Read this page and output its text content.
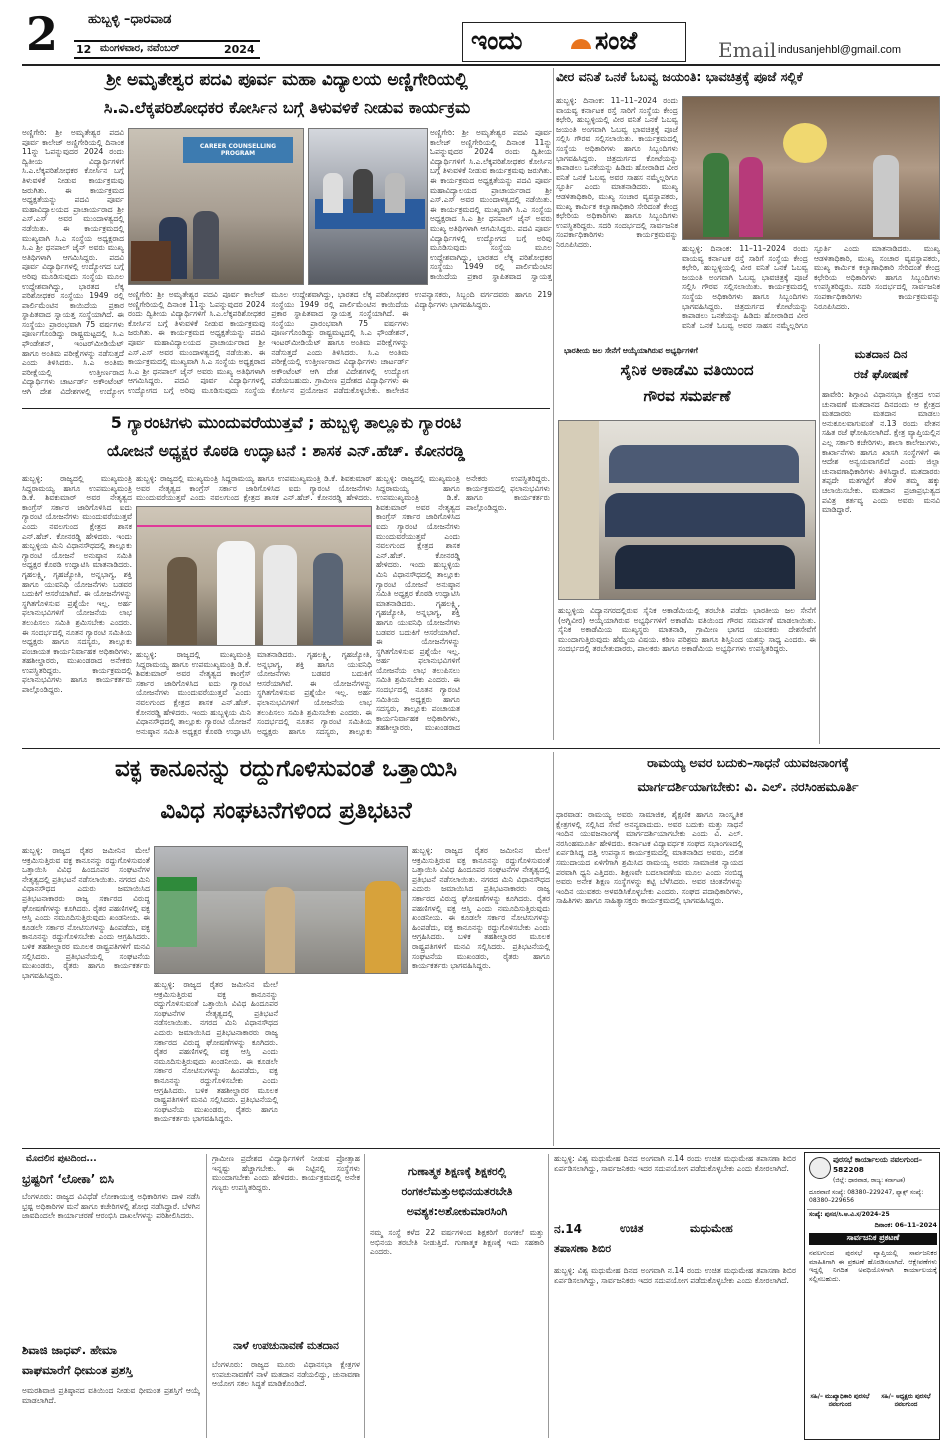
2	ಹುಬ್ಬಳ್ಳಿ –ಧಾರವಾಡ
12 ಮಂಗಳವಾರ, ನವೆಂಬರ್	2024	ಇಂದು	ಸಂಜೆ	Email indusanjehbl@gmail.com
ಶ್ರೀ ಅಮೃತೇಶ್ವರ ಪದವಿ ಪೂರ್ವ ಮಹಾ ವಿದ್ಯಾಲಯ ಅಣ್ಣಿಗೇರಿಯಲ್ಲಿ
ಸಿ.ಎ.ಲೆಕ್ಕಪರಿಶೋಧಕರ ಕೋರ್ಸಿನ ಬಗ್ಗೆ ತಿಳುವಳಿಕೆ ನೀಡುವ ಕಾರ್ಯಕ್ರಮ
CAREER COUNSELLING PROGRAM
ಅಣ್ಣಿಗೇರಿ: ಶ್ರೀ ಅಮೃತೇಶ್ವರ ಪದವಿ ಪೂರ್ವ ಕಾಲೇಜ್ ಅಣ್ಣಿಗೇರಿಯಲ್ಲಿ ದಿನಾಂಕ 11ನ್ನು ಓಪನ್ನುವುದರ 2024 ರಂದು ದ್ವಿತೀಯ ವಿದ್ಯಾರ್ಥಿಗಳಿಗೆ ಸಿ.ಎ.ಲೆಕ್ಕಪರಿಶೋಧಕರ ಕೋರ್ಸಿನ ಬಗ್ಗೆ ತಿಳುವಳಿಕೆ ನೀಡುವ ಕಾರ್ಯಕ್ರಮವು ಜರುಗಿತು. ಈ ಕಾರ್ಯಕ್ರಮದ ಅಧ್ಯಕ್ಷತೆಯನ್ನು ಪದವಿ ಪೂರ್ವ ಮಹಾವಿದ್ಯಾಲಯದ ಪ್ರಾಚಾರ್ಯರಾದ ಶ್ರೀ ಎಸ್.ಎಸ್ ಅವರ ಮುಂದಾಳತ್ವದಲ್ಲಿ ನಡೆಯಿತು. ಈ ಕಾರ್ಯಕ್ರಮದಲ್ಲಿ ಮುಖ್ಯವಾಗಿ ಸಿ.ಎ ಸಂಸ್ಥೆಯ ಅಧ್ಯಕ್ಷರಾದ ಸಿ.ಎ ಶ್ರೀ ಧನಪಾಲ್ ಜೈನ್ ಅವರು ಮುಖ್ಯ ಅತಿಥಿಗಳಾಗಿ ಆಗಮಿಸಿದ್ದರು. ಪದವಿ ಪೂರ್ವ ವಿದ್ಯಾರ್ಥಿಗಳಲ್ಲಿ ಉದ್ಯೋಗದ ಬಗ್ಗೆ ಅರಿವು ಮೂಡಿಸುವುದು ಸಂಸ್ಥೆಯ ಮೂಲ ಉದ್ದೇಶವಾಗಿದ್ದು, ಭಾರತದ ಲೆಕ್ಕ ಪರಿಶೋಧಕರ ಸಂಸ್ಥೆಯು 1949 ರಲ್ಲಿ ಪಾರ್ಲಿಮೆಂಟಿನ ಕಾಯಿದೆಯ ಪ್ರಕಾರ ಸ್ಥಾಪಿತವಾದ ಸ್ವಾಯತ್ತ ಸಂಸ್ಥೆಯಾಗಿದೆ. ಈ ಸಂಸ್ಥೆಯು ಪ್ರಾರಂಭವಾಗಿ 75 ವರ್ಷಗಳು ಪೂರ್ಣಗೊಂಡಿದ್ದು ರಾಷ್ಟ್ರಮಟ್ಟದಲ್ಲಿ ಸಿ.ಎ ಫೌಂಡೇಶನ್, ಇಂಟರ್‌ಮೀಡಿಯೆಟ್ ಹಾಗೂ ಅಂತಿಮ ಪರೀಕ್ಷೆಗಳನ್ನು ನಡೆಸುತ್ತದೆ ಎಂದು ತಿಳಿಸಿದರು. ಸಿ.ಎ ಅಂತಿಮ ಪರೀಕ್ಷೆಯಲ್ಲಿ ಉತ್ತೀರ್ಣರಾದ ವಿದ್ಯಾರ್ಥಿಗಳು ಚಾರ್ಟರ್ಡ್ ಅಕೌಂಟೆಂಟ್ ಆಗಿ ದೇಶ ವಿದೇಶಗಳಲ್ಲಿ ಉದ್ಯೋಗ
ಅಣ್ಣಿಗೇರಿ: ಶ್ರೀ ಅಮೃತೇಶ್ವರ ಪದವಿ ಪೂರ್ವ ಕಾಲೇಜ್ ಅಣ್ಣಿಗೇರಿಯಲ್ಲಿ ದಿನಾಂಕ 11ನ್ನು ಓಪನ್ನುವುದರ 2024 ರಂದು ದ್ವಿತೀಯ ವಿದ್ಯಾರ್ಥಿಗಳಿಗೆ ಸಿ.ಎ.ಲೆಕ್ಕಪರಿಶೋಧಕರ ಕೋರ್ಸಿನ ಬಗ್ಗೆ ತಿಳುವಳಿಕೆ ನೀಡುವ ಕಾರ್ಯಕ್ರಮವು ಜರುಗಿತು. ಈ ಕಾರ್ಯಕ್ರಮದ ಅಧ್ಯಕ್ಷತೆಯನ್ನು ಪದವಿ ಪೂರ್ವ ಮಹಾವಿದ್ಯಾಲಯದ ಪ್ರಾಚಾರ್ಯರಾದ ಶ್ರೀ ಎಸ್.ಎಸ್ ಅವರ ಮುಂದಾಳತ್ವದಲ್ಲಿ ನಡೆಯಿತು. ಈ ಕಾರ್ಯಕ್ರಮದಲ್ಲಿ ಮುಖ್ಯವಾಗಿ ಸಿ.ಎ ಸಂಸ್ಥೆಯ ಅಧ್ಯಕ್ಷರಾದ ಸಿ.ಎ ಶ್ರೀ ಧನಪಾಲ್ ಜೈನ್ ಅವರು ಮುಖ್ಯ ಅತಿಥಿಗಳಾಗಿ ಆಗಮಿಸಿದ್ದರು. ಪದವಿ ಪೂರ್ವ ವಿದ್ಯಾರ್ಥಿಗಳಲ್ಲಿ ಉದ್ಯೋಗದ ಬಗ್ಗೆ ಅರಿವು ಮೂಡಿಸುವುದು ಸಂಸ್ಥೆಯ ಮೂಲ ಉದ್ದೇಶವಾಗಿದ್ದು, ಭಾರತದ ಲೆಕ್ಕ ಪರಿಶೋಧಕರ ಸಂಸ್ಥೆಯು 1949 ರಲ್ಲಿ ಪಾರ್ಲಿಮೆಂಟಿನ ಕಾಯಿದೆಯ ಪ್ರಕಾರ ಸ್ಥಾಪಿತವಾದ ಸ್ವಾಯತ್ತ
ಅಣ್ಣಿಗೇರಿ: ಶ್ರೀ ಅಮೃತೇಶ್ವರ ಪದವಿ ಪೂರ್ವ ಕಾಲೇಜ್ ಅಣ್ಣಿಗೇರಿಯಲ್ಲಿ ದಿನಾಂಕ 11ನ್ನು ಓಪನ್ನುವುದರ 2024 ರಂದು ದ್ವಿತೀಯ ವಿದ್ಯಾರ್ಥಿಗಳಿಗೆ ಸಿ.ಎ.ಲೆಕ್ಕಪರಿಶೋಧಕರ ಕೋರ್ಸಿನ ಬಗ್ಗೆ ತಿಳುವಳಿಕೆ ನೀಡುವ ಕಾರ್ಯಕ್ರಮವು ಜರುಗಿತು. ಈ ಕಾರ್ಯಕ್ರಮದ ಅಧ್ಯಕ್ಷತೆಯನ್ನು ಪದವಿ ಪೂರ್ವ ಮಹಾವಿದ್ಯಾಲಯದ ಪ್ರಾಚಾರ್ಯರಾದ ಶ್ರೀ ಎಸ್.ಎಸ್ ಅವರ ಮುಂದಾಳತ್ವದಲ್ಲಿ ನಡೆಯಿತು. ಈ ಕಾರ್ಯಕ್ರಮದಲ್ಲಿ ಮುಖ್ಯವಾಗಿ ಸಿ.ಎ ಸಂಸ್ಥೆಯ ಅಧ್ಯಕ್ಷರಾದ ಸಿ.ಎ ಶ್ರೀ ಧನಪಾಲ್ ಜೈನ್ ಅವರು ಮುಖ್ಯ ಅತಿಥಿಗಳಾಗಿ ಆಗಮಿಸಿದ್ದರು. ಪದವಿ ಪೂರ್ವ ವಿದ್ಯಾರ್ಥಿಗಳಲ್ಲಿ ಉದ್ಯೋಗದ ಬಗ್ಗೆ ಅರಿವು ಮೂಡಿಸುವುದು ಸಂಸ್ಥೆಯ ಮೂಲ ಉದ್ದೇಶವಾಗಿದ್ದು, ಭಾರತದ ಲೆಕ್ಕ ಪರಿಶೋಧಕರ ಸಂಸ್ಥೆಯು 1949 ರಲ್ಲಿ ಪಾರ್ಲಿಮೆಂಟಿನ ಕಾಯಿದೆಯ ಪ್ರಕಾರ ಸ್ಥಾಪಿತವಾದ ಸ್ವಾಯತ್ತ ಸಂಸ್ಥೆಯಾಗಿದೆ. ಈ ಸಂಸ್ಥೆಯು ಪ್ರಾರಂಭವಾಗಿ 75 ವರ್ಷಗಳು ಪೂರ್ಣಗೊಂಡಿದ್ದು ರಾಷ್ಟ್ರಮಟ್ಟದಲ್ಲಿ ಸಿ.ಎ ಫೌಂಡೇಶನ್, ಇಂಟರ್‌ಮೀಡಿಯೆಟ್ ಹಾಗೂ ಅಂತಿಮ ಪರೀಕ್ಷೆಗಳನ್ನು ನಡೆಸುತ್ತದೆ ಎಂದು ತಿಳಿಸಿದರು. ಸಿ.ಎ ಅಂತಿಮ ಪರೀಕ್ಷೆಯಲ್ಲಿ ಉತ್ತೀರ್ಣರಾದ ವಿದ್ಯಾರ್ಥಿಗಳು ಚಾರ್ಟರ್ಡ್ ಅಕೌಂಟೆಂಟ್ ಆಗಿ ದೇಶ ವಿದೇಶಗಳಲ್ಲಿ ಉದ್ಯೋಗ ಪಡೆಯಬಹುದು. ಗ್ರಾಮೀಣ ಪ್ರದೇಶದ ವಿದ್ಯಾರ್ಥಿಗಳು ಈ ಕೋರ್ಸಿನ ಪ್ರಯೋಜನ ಪಡೆದುಕೊಳ್ಳಬೇಕು. ಕಾಲೇಜಿನ ಉಪನ್ಯಾಸಕರು, ಸಿಬ್ಬಂದಿ ವರ್ಗದವರು ಹಾಗೂ 219 ವಿದ್ಯಾರ್ಥಿಗಳು ಭಾಗವಹಿಸಿದ್ದರು.
ವೀರ ವನಿತೆ ಒನಕೆ ಓಬವ್ವ ಜಯಂತಿ: ಭಾವಚಿತ್ರಕ್ಕೆ ಪೂಜೆ ಸಲ್ಲಿಕೆ
ಹುಬ್ಬಳ್ಳಿ: ದಿನಾಂಕ: 11–11–2024 ರಂದು ವಾಯವ್ಯ ಕರ್ನಾಟಕ ರಸ್ತೆ ಸಾರಿಗೆ ಸಂಸ್ಥೆಯ ಕೇಂದ್ರ ಕಛೇರಿ, ಹುಬ್ಬಳ್ಳಿಯಲ್ಲಿ ವೀರ ವನಿತೆ ಒನಕೆ ಓಬವ್ವ ಜಯಂತಿ ಅಂಗವಾಗಿ ಓಬವ್ವ ಭಾವಚಿತ್ರಕ್ಕೆ ಪೂಜೆ ಸಲ್ಲಿಸಿ ಗೌರವ ಸಲ್ಲಿಸಲಾಯಿತು. ಕಾರ್ಯಕ್ರಮದಲ್ಲಿ ಸಂಸ್ಥೆಯ ಅಧಿಕಾರಿಗಳು ಹಾಗೂ ಸಿಬ್ಬಂದಿಗಳು ಭಾಗವಹಿಸಿದ್ದರು. ಚಿತ್ರದುರ್ಗದ ಕೋಟೆಯನ್ನು ಕಾಪಾಡಲು ಒನಕೆಯನ್ನು ಹಿಡಿದು ಹೋರಾಡಿದ ವೀರ ವನಿತೆ ಒನಕೆ ಓಬವ್ವ ಅವರ ಸಾಹಸ ನಮ್ಮೆಲ್ಲರಿಗೂ ಸ್ಫೂರ್ತಿ ಎಂದು ಮಾತನಾಡಿದರು. ಮುಖ್ಯ ಆಡಳಿತಾಧಿಕಾರಿ, ಮುಖ್ಯ ಸಂಚಾರ ವ್ಯವಸ್ಥಾಪಕರು, ಮುಖ್ಯ ಕಾರ್ಮಿಕ ಕಲ್ಯಾಣಾಧಿಕಾರಿ ಸೇರಿದಂತೆ ಕೇಂದ್ರ ಕಛೇರಿಯ ಅಧಿಕಾರಿಗಳು ಹಾಗೂ ಸಿಬ್ಬಂದಿಗಳು ಉಪಸ್ಥಿತರಿದ್ದರು. ಸದರಿ ಸಂದರ್ಭದಲ್ಲಿ ಸಾರ್ವಜನಿಕ ಸಂಪರ್ಕಾಧಿಕಾರಿಗಳು ಕಾರ್ಯಕ್ರಮವನ್ನು ನಿರೂಪಿಸಿದರು.	ಹುಬ್ಬಳ್ಳಿ: ದಿನಾಂಕ: 11–11–2024 ರಂದು ವಾಯವ್ಯ ಕರ್ನಾಟಕ ರಸ್ತೆ ಸಾರಿಗೆ ಸಂಸ್ಥೆಯ ಕೇಂದ್ರ ಕಛೇರಿ, ಹುಬ್ಬಳ್ಳಿಯಲ್ಲಿ ವೀರ ವನಿತೆ ಒನಕೆ ಓಬವ್ವ ಜಯಂತಿ ಅಂಗವಾಗಿ ಓಬವ್ವ ಭಾವಚಿತ್ರಕ್ಕೆ ಪೂಜೆ ಸಲ್ಲಿಸಿ ಗೌರವ ಸಲ್ಲಿಸಲಾಯಿತು. ಕಾರ್ಯಕ್ರಮದಲ್ಲಿ ಸಂಸ್ಥೆಯ ಅಧಿಕಾರಿಗಳು ಹಾಗೂ ಸಿಬ್ಬಂದಿಗಳು ಭಾಗವಹಿಸಿದ್ದರು. ಚಿತ್ರದುರ್ಗದ ಕೋಟೆಯನ್ನು ಕಾಪಾಡಲು ಒನಕೆಯನ್ನು ಹಿಡಿದು ಹೋರಾಡಿದ ವೀರ ವನಿತೆ ಒನಕೆ ಓಬವ್ವ ಅವರ ಸಾಹಸ ನಮ್ಮೆಲ್ಲರಿಗೂ ಸ್ಫೂರ್ತಿ ಎಂದು ಮಾತನಾಡಿದರು. ಮುಖ್ಯ ಆಡಳಿತಾಧಿಕಾರಿ, ಮುಖ್ಯ ಸಂಚಾರ ವ್ಯವಸ್ಥಾಪಕರು, ಮುಖ್ಯ ಕಾರ್ಮಿಕ ಕಲ್ಯಾಣಾಧಿಕಾರಿ ಸೇರಿದಂತೆ ಕೇಂದ್ರ ಕಛೇರಿಯ ಅಧಿಕಾರಿಗಳು ಹಾಗೂ ಸಿಬ್ಬಂದಿಗಳು ಉಪಸ್ಥಿತರಿದ್ದರು. ಸದರಿ ಸಂದರ್ಭದಲ್ಲಿ ಸಾರ್ವಜನಿಕ ಸಂಪರ್ಕಾಧಿಕಾರಿಗಳು ಕಾರ್ಯಕ್ರಮವನ್ನು ನಿರೂಪಿಸಿದರು.
ಭಾರತೀಯ ಜಲ ಸೇನೆಗೆ ಆಯ್ಕೆಯಾಗಿರುವ ಅಭ್ಯರ್ಥಿಗಳಿಗೆ
ಸೈನಿಕ ಅಕಾಡೆಮಿ ವತಿಯಿಂದ
ಗೌರವ ಸಮರ್ಪಣೆ
ಹುಬ್ಬಳ್ಳಿಯ ವಿದ್ಯಾನಗರದಲ್ಲಿರುವ ಸೈನಿಕ ಅಕಾಡೆಮಿಯಲ್ಲಿ ತರಬೇತಿ ಪಡೆದು ಭಾರತೀಯ ಜಲ ಸೇನೆಗೆ (ಅಗ್ನಿವೀರ) ಆಯ್ಕೆಯಾಗಿರುವ ಅಭ್ಯರ್ಥಿಗಳಿಗೆ ಅಕಾಡೆಮಿ ವತಿಯಿಂದ ಗೌರವ ಸಮರ್ಪಣೆ ಮಾಡಲಾಯಿತು. ಸೈನಿಕ ಅಕಾಡೆಮಿಯ ಮುಖ್ಯಸ್ಥರು ಮಾತನಾಡಿ, ಗ್ರಾಮೀಣ ಭಾಗದ ಯುವಕರು ದೇಶಸೇವೆಗೆ ಮುಂದಾಗುತ್ತಿರುವುದು ಹೆಮ್ಮೆಯ ವಿಷಯ. ಕಠಿಣ ಪರಿಶ್ರಮ ಹಾಗೂ ಶಿಸ್ತಿನಿಂದ ಯಶಸ್ಸು ಸಾಧ್ಯ ಎಂದರು. ಈ ಸಂದರ್ಭದಲ್ಲಿ ತರಬೇತುದಾರರು, ಪಾಲಕರು ಹಾಗೂ ಅಕಾಡೆಮಿಯ ಅಭ್ಯರ್ಥಿಗಳು ಉಪಸ್ಥಿತರಿದ್ದರು.
ಮತದಾನ ದಿನ
ರಜೆ ಘೋಷಣೆ
ಹಾವೇರಿ: ಶಿಗ್ಗಾಂವಿ ವಿಧಾನಸಭಾ ಕ್ಷೇತ್ರದ ಉಪ ಚುನಾವಣೆ ಮತದಾನದ ದಿನದಂದು ಆ ಕ್ಷೇತ್ರದ ಮತದಾರರು ಮತದಾನ ಮಾಡಲು ಅನುಕೂಲವಾಗುವಂತೆ ನ.13 ರಂದು ವೇತನ ಸಹಿತ ರಜೆ ಘೋಷಿಸಲಾಗಿದೆ. ಕ್ಷೇತ್ರ ವ್ಯಾಪ್ತಿಯಲ್ಲಿನ ಎಲ್ಲ ಸರ್ಕಾರಿ ಕಚೇರಿಗಳು, ಶಾಲಾ ಕಾಲೇಜುಗಳು, ಕಾರ್ಖಾನೆಗಳು ಹಾಗೂ ಖಾಸಗಿ ಸಂಸ್ಥೆಗಳಿಗೆ ಈ ಆದೇಶ ಅನ್ವಯವಾಗಲಿದೆ ಎಂದು ಜಿಲ್ಲಾ ಚುನಾವಣಾಧಿಕಾರಿಗಳು ತಿಳಿಸಿದ್ದಾರೆ. ಮತದಾರರು ತಪ್ಪದೇ ಮತಗಟ್ಟೆಗೆ ತೆರಳಿ ತಮ್ಮ ಹಕ್ಕು ಚಲಾಯಿಸಬೇಕು. ಮತದಾನ ಪ್ರಜಾಪ್ರಭುತ್ವದ ಪವಿತ್ರ ಕರ್ತವ್ಯ ಎಂದು ಅವರು ಮನವಿ ಮಾಡಿದ್ದಾರೆ.
5 ಗ್ಯಾರಂಟಿಗಳು ಮುಂದುವರೆಯುತ್ತವೆ ; ಹುಬ್ಬಳ್ಳಿ ತಾಲ್ಲೂಕು ಗ್ಯಾರಂಟಿ
ಯೋಜನೆ ಅಧ್ಯಕ್ಷರ ಕೊಠಡಿ ಉದ್ಘಾಟನೆ : ಶಾಸಕ ಎನ್.ಹೆಚ್. ಕೋನರಡ್ಡಿ
ಹುಬ್ಬಳ್ಳಿ: ರಾಜ್ಯದಲ್ಲಿ ಮುಖ್ಯಮಂತ್ರಿ ಸಿದ್ದರಾಮಯ್ಯ ಹಾಗೂ ಉಪಮುಖ್ಯಮಂತ್ರಿ ಡಿ.ಕೆ. ಶಿವಕುಮಾರ್ ಅವರ ನೇತೃತ್ವದ ಕಾಂಗ್ರೆಸ್ ಸರ್ಕಾರ ಜಾರಿಗೊಳಿಸಿದ ಐದು ಗ್ಯಾರಂಟಿ ಯೋಜನೆಗಳು ಮುಂದುವರೆಯುತ್ತವೆ ಎಂದು ನವಲಗುಂದ ಕ್ಷೇತ್ರದ ಶಾಸಕ ಎನ್.ಹೆಚ್. ಕೋನರಡ್ಡಿ ಹೇಳಿದರು. ಇಂದು ಹುಬ್ಬಳ್ಳಿಯ ಮಿನಿ ವಿಧಾನಸೌಧದಲ್ಲಿ ತಾಲ್ಲೂಕು ಗ್ಯಾರಂಟಿ ಯೋಜನೆ ಅನುಷ್ಠಾನ ಸಮಿತಿ ಅಧ್ಯಕ್ಷರ ಕೊಠಡಿ ಉದ್ಘಾಟಿಸಿ ಮಾತನಾಡಿದರು. ಗೃಹಲಕ್ಷ್ಮಿ, ಗೃಹಜ್ಯೋತಿ, ಅನ್ನಭಾಗ್ಯ, ಶಕ್ತಿ ಹಾಗೂ ಯುವನಿಧಿ ಯೋಜನೆಗಳು ಬಡವರ ಬದುಕಿಗೆ ಆಸರೆಯಾಗಿವೆ. ಈ ಯೋಜನೆಗಳನ್ನು ಸ್ಥಗಿತಗೊಳಿಸುವ ಪ್ರಶ್ನೆಯೇ ಇಲ್ಲ. ಅರ್ಹ ಫಲಾನುಭವಿಗಳಿಗೆ ಯೋಜನೆಯ ಲಾಭ ತಲುಪಿಸಲು ಸಮಿತಿ ಶ್ರಮಿಸಬೇಕು ಎಂದರು. ಈ ಸಂದರ್ಭದಲ್ಲಿ ನೂತನ ಗ್ಯಾರಂಟಿ ಸಮಿತಿಯ ಅಧ್ಯಕ್ಷರು ಹಾಗೂ ಸದಸ್ಯರು, ತಾಲ್ಲೂಕು ಪಂಚಾಯತ ಕಾರ್ಯನಿರ್ವಾಹಕ ಅಧಿಕಾರಿಗಳು, ತಹಶೀಲ್ದಾರರು, ಮುಖಂಡರಾದ ಅನೇಕರು ಉಪಸ್ಥಿತರಿದ್ದರು. ಕಾರ್ಯಕ್ರಮದಲ್ಲಿ ಫಲಾನುಭವಿಗಳು ಹಾಗೂ ಕಾರ್ಯಕರ್ತರು ಪಾಲ್ಗೊಂಡಿದ್ದರು.
ಹುಬ್ಬಳ್ಳಿ: ರಾಜ್ಯದಲ್ಲಿ ಮುಖ್ಯಮಂತ್ರಿ ಸಿದ್ದರಾಮಯ್ಯ ಹಾಗೂ ಉಪಮುಖ್ಯಮಂತ್ರಿ ಡಿ.ಕೆ. ಶಿವಕುಮಾರ್ ಅವರ ನೇತೃತ್ವದ ಕಾಂಗ್ರೆಸ್ ಸರ್ಕಾರ ಜಾರಿಗೊಳಿಸಿದ ಐದು ಗ್ಯಾರಂಟಿ ಯೋಜನೆಗಳು ಮುಂದುವರೆಯುತ್ತವೆ ಎಂದು ನವಲಗುಂದ ಕ್ಷೇತ್ರದ ಶಾಸಕ ಎನ್.ಹೆಚ್. ಕೋನರಡ್ಡಿ ಹೇಳಿದರು.
ಹುಬ್ಬಳ್ಳಿ: ರಾಜ್ಯದಲ್ಲಿ ಮುಖ್ಯಮಂತ್ರಿ ಸಿದ್ದರಾಮಯ್ಯ ಹಾಗೂ ಉಪಮುಖ್ಯಮಂತ್ರಿ ಡಿ.ಕೆ. ಶಿವಕುಮಾರ್ ಅವರ ನೇತೃತ್ವದ ಕಾಂಗ್ರೆಸ್ ಸರ್ಕಾರ ಜಾರಿಗೊಳಿಸಿದ ಐದು ಗ್ಯಾರಂಟಿ ಯೋಜನೆಗಳು ಮುಂದುವರೆಯುತ್ತವೆ ಎಂದು ನವಲಗುಂದ ಕ್ಷೇತ್ರದ ಶಾಸಕ ಎನ್.ಹೆಚ್. ಕೋನರಡ್ಡಿ ಹೇಳಿದರು. ಇಂದು ಹುಬ್ಬಳ್ಳಿಯ ಮಿನಿ ವಿಧಾನಸೌಧದಲ್ಲಿ ತಾಲ್ಲೂಕು ಗ್ಯಾರಂಟಿ ಯೋಜನೆ ಅನುಷ್ಠಾನ ಸಮಿತಿ ಅಧ್ಯಕ್ಷರ ಕೊಠಡಿ ಉದ್ಘಾಟಿಸಿ ಮಾತನಾಡಿದರು. ಗೃಹಲಕ್ಷ್ಮಿ, ಗೃಹಜ್ಯೋತಿ, ಅನ್ನಭಾಗ್ಯ, ಶಕ್ತಿ ಹಾಗೂ ಯುವನಿಧಿ ಯೋಜನೆಗಳು ಬಡವರ ಬದುಕಿಗೆ ಆಸರೆಯಾಗಿವೆ. ಈ ಯೋಜನೆಗಳನ್ನು ಸ್ಥಗಿತಗೊಳಿಸುವ ಪ್ರಶ್ನೆಯೇ ಇಲ್ಲ. ಅರ್ಹ ಫಲಾನುಭವಿಗಳಿಗೆ ಯೋಜನೆಯ ಲಾಭ ತಲುಪಿಸಲು ಸಮಿತಿ ಶ್ರಮಿಸಬೇಕು ಎಂದರು. ಈ ಸಂದರ್ಭದಲ್ಲಿ ನೂತನ ಗ್ಯಾರಂಟಿ ಸಮಿತಿಯ ಅಧ್ಯಕ್ಷರು ಹಾಗೂ ಸದಸ್ಯರು, ತಾಲ್ಲೂಕು
ಹುಬ್ಬಳ್ಳಿ: ರಾಜ್ಯದಲ್ಲಿ ಮುಖ್ಯಮಂತ್ರಿ ಸಿದ್ದರಾಮಯ್ಯ ಹಾಗೂ ಉಪಮುಖ್ಯಮಂತ್ರಿ ಡಿ.ಕೆ. ಶಿವಕುಮಾರ್ ಅವರ ನೇತೃತ್ವದ ಕಾಂಗ್ರೆಸ್ ಸರ್ಕಾರ ಜಾರಿಗೊಳಿಸಿದ ಐದು ಗ್ಯಾರಂಟಿ ಯೋಜನೆಗಳು ಮುಂದುವರೆಯುತ್ತವೆ ಎಂದು ನವಲಗುಂದ ಕ್ಷೇತ್ರದ ಶಾಸಕ ಎನ್.ಹೆಚ್. ಕೋನರಡ್ಡಿ ಹೇಳಿದರು. ಇಂದು ಹುಬ್ಬಳ್ಳಿಯ ಮಿನಿ ವಿಧಾನಸೌಧದಲ್ಲಿ ತಾಲ್ಲೂಕು ಗ್ಯಾರಂಟಿ ಯೋಜನೆ ಅನುಷ್ಠಾನ ಸಮಿತಿ ಅಧ್ಯಕ್ಷರ ಕೊಠಡಿ ಉದ್ಘಾಟಿಸಿ ಮಾತನಾಡಿದರು. ಗೃಹಲಕ್ಷ್ಮಿ, ಗೃಹಜ್ಯೋತಿ, ಅನ್ನಭಾಗ್ಯ, ಶಕ್ತಿ ಹಾಗೂ ಯುವನಿಧಿ ಯೋಜನೆಗಳು ಬಡವರ ಬದುಕಿಗೆ ಆಸರೆಯಾಗಿವೆ. ಈ ಯೋಜನೆಗಳನ್ನು ಸ್ಥಗಿತಗೊಳಿಸುವ ಪ್ರಶ್ನೆಯೇ ಇಲ್ಲ. ಅರ್ಹ ಫಲಾನುಭವಿಗಳಿಗೆ ಯೋಜನೆಯ ಲಾಭ ತಲುಪಿಸಲು ಸಮಿತಿ ಶ್ರಮಿಸಬೇಕು ಎಂದರು. ಈ ಸಂದರ್ಭದಲ್ಲಿ ನೂತನ ಗ್ಯಾರಂಟಿ ಸಮಿತಿಯ ಅಧ್ಯಕ್ಷರು ಹಾಗೂ ಸದಸ್ಯರು, ತಾಲ್ಲೂಕು ಪಂಚಾಯತ ಕಾರ್ಯನಿರ್ವಾಹಕ ಅಧಿಕಾರಿಗಳು, ತಹಶೀಲ್ದಾರರು, ಮುಖಂಡರಾದ ಅನೇಕರು ಉಪಸ್ಥಿತರಿದ್ದರು. ಕಾರ್ಯಕ್ರಮದಲ್ಲಿ ಫಲಾನುಭವಿಗಳು ಹಾಗೂ ಕಾರ್ಯಕರ್ತರು ಪಾಲ್ಗೊಂಡಿದ್ದರು.
ವಕ್ಫ ಕಾನೂನನ್ನು ರದ್ದುಗೊಳಿಸುವಂತೆ ಒತ್ತಾಯಿಸಿ
ವಿವಿಧ ಸಂಘಟನೆಗಳಿಂದ ಪ್ರತಿಭಟನೆ
ಹುಬ್ಬಳ್ಳಿ: ರಾಜ್ಯದ ರೈತರ ಜಮೀನಿನ ಮೇಲೆ ಆಕ್ರಮಿಸುತ್ತಿರುವ ವಕ್ಫ ಕಾನೂನನ್ನು ರದ್ದುಗೊಳಿಸುವಂತೆ ಒತ್ತಾಯಿಸಿ ವಿವಿಧ ಹಿಂದೂಪರ ಸಂಘಟನೆಗಳ ನೇತೃತ್ವದಲ್ಲಿ ಪ್ರತಿಭಟನೆ ನಡೆಸಲಾಯಿತು. ನಗರದ ಮಿನಿ ವಿಧಾನಸೌಧದ ಎದುರು ಜಮಾಯಿಸಿದ ಪ್ರತಿಭಟನಾಕಾರರು ರಾಜ್ಯ ಸರ್ಕಾರದ ವಿರುದ್ಧ ಘೋಷಣೆಗಳನ್ನು ಕೂಗಿದರು. ರೈತರ ಪಹಣಿಗಳಲ್ಲಿ ವಕ್ಫ ಆಸ್ತಿ ಎಂದು ನಮೂದಿಸುತ್ತಿರುವುದು ಖಂಡನೀಯ. ಈ ಕೂಡಲೇ ಸರ್ಕಾರ ನೋಟಿಸುಗಳನ್ನು ಹಿಂಪಡೆದು, ವಕ್ಫ ಕಾನೂನನ್ನು ರದ್ದುಗೊಳಿಸಬೇಕು ಎಂದು ಆಗ್ರಹಿಸಿದರು. ಬಳಿಕ ತಹಶೀಲ್ದಾರರ ಮೂಲಕ ರಾಷ್ಟ್ರಪತಿಗಳಿಗೆ ಮನವಿ ಸಲ್ಲಿಸಿದರು. ಪ್ರತಿಭಟನೆಯಲ್ಲಿ ಸಂಘಟನೆಯ ಮುಖಂಡರು, ರೈತರು ಹಾಗೂ ಕಾರ್ಯಕರ್ತರು ಭಾಗವಹಿಸಿದ್ದರು.
ಹುಬ್ಬಳ್ಳಿ: ರಾಜ್ಯದ ರೈತರ ಜಮೀನಿನ ಮೇಲೆ ಆಕ್ರಮಿಸುತ್ತಿರುವ ವಕ್ಫ ಕಾನೂನನ್ನು ರದ್ದುಗೊಳಿಸುವಂತೆ ಒತ್ತಾಯಿಸಿ ವಿವಿಧ ಹಿಂದೂಪರ ಸಂಘಟನೆಗಳ ನೇತೃತ್ವದಲ್ಲಿ ಪ್ರತಿಭಟನೆ ನಡೆಸಲಾಯಿತು. ನಗರದ ಮಿನಿ ವಿಧಾನಸೌಧದ ಎದುರು ಜಮಾಯಿಸಿದ ಪ್ರತಿಭಟನಾಕಾರರು ರಾಜ್ಯ ಸರ್ಕಾರದ ವಿರುದ್ಧ ಘೋಷಣೆಗಳನ್ನು ಕೂಗಿದರು. ರೈತರ ಪಹಣಿಗಳಲ್ಲಿ ವಕ್ಫ ಆಸ್ತಿ ಎಂದು ನಮೂದಿಸುತ್ತಿರುವುದು ಖಂಡನೀಯ. ಈ ಕೂಡಲೇ ಸರ್ಕಾರ ನೋಟಿಸುಗಳನ್ನು ಹಿಂಪಡೆದು, ವಕ್ಫ ಕಾನೂನನ್ನು ರದ್ದುಗೊಳಿಸಬೇಕು ಎಂದು ಆಗ್ರಹಿಸಿದರು. ಬಳಿಕ ತಹಶೀಲ್ದಾರರ ಮೂಲಕ ರಾಷ್ಟ್ರಪತಿಗಳಿಗೆ ಮನವಿ ಸಲ್ಲಿಸಿದರು. ಪ್ರತಿಭಟನೆಯಲ್ಲಿ ಸಂಘಟನೆಯ ಮುಖಂಡರು, ರೈತರು ಹಾಗೂ ಕಾರ್ಯಕರ್ತರು ಭಾಗವಹಿಸಿದ್ದರು.
ಹುಬ್ಬಳ್ಳಿ: ರಾಜ್ಯದ ರೈತರ ಜಮೀನಿನ ಮೇಲೆ ಆಕ್ರಮಿಸುತ್ತಿರುವ ವಕ್ಫ ಕಾನೂನನ್ನು ರದ್ದುಗೊಳಿಸುವಂತೆ ಒತ್ತಾಯಿಸಿ ವಿವಿಧ ಹಿಂದೂಪರ ಸಂಘಟನೆಗಳ ನೇತೃತ್ವದಲ್ಲಿ ಪ್ರತಿಭಟನೆ ನಡೆಸಲಾಯಿತು. ನಗರದ ಮಿನಿ ವಿಧಾನಸೌಧದ ಎದುರು ಜಮಾಯಿಸಿದ ಪ್ರತಿಭಟನಾಕಾರರು ರಾಜ್ಯ ಸರ್ಕಾರದ ವಿರುದ್ಧ ಘೋಷಣೆಗಳನ್ನು ಕೂಗಿದರು. ರೈತರ ಪಹಣಿಗಳಲ್ಲಿ ವಕ್ಫ ಆಸ್ತಿ ಎಂದು ನಮೂದಿಸುತ್ತಿರುವುದು ಖಂಡನೀಯ. ಈ ಕೂಡಲೇ ಸರ್ಕಾರ ನೋಟಿಸುಗಳನ್ನು ಹಿಂಪಡೆದು, ವಕ್ಫ ಕಾನೂನನ್ನು ರದ್ದುಗೊಳಿಸಬೇಕು ಎಂದು ಆಗ್ರಹಿಸಿದರು. ಬಳಿಕ ತಹಶೀಲ್ದಾರರ ಮೂಲಕ ರಾಷ್ಟ್ರಪತಿಗಳಿಗೆ ಮನವಿ ಸಲ್ಲಿಸಿದರು. ಪ್ರತಿಭಟನೆಯಲ್ಲಿ ಸಂಘಟನೆಯ ಮುಖಂಡರು, ರೈತರು ಹಾಗೂ ಕಾರ್ಯಕರ್ತರು ಭಾಗವಹಿಸಿದ್ದರು.
ರಾಮಯ್ಯ ಅವರ ಬದುಕು–ಸಾಧನೆ ಯುವಜನಾಂಗಕ್ಕೆ
ಮಾರ್ಗದರ್ಶಿಯಾಗಬೇಕು: ವಿ. ಎಲ್. ನರಸಿಂಹಮೂರ್ತಿ
ಧಾರವಾಡ: ರಾಮಯ್ಯ ಅವರು ಸಾಮಾಜಿಕ, ಶೈಕ್ಷಣಿಕ ಹಾಗೂ ಸಾಂಸ್ಕೃತಿಕ ಕ್ಷೇತ್ರಗಳಲ್ಲಿ ಸಲ್ಲಿಸಿದ ಸೇವೆ ಅನನ್ಯವಾದುದು. ಅವರ ಬದುಕು ಮತ್ತು ಸಾಧನೆ ಇಂದಿನ ಯುವಜನಾಂಗಕ್ಕೆ ಮಾರ್ಗದರ್ಶಿಯಾಗಬೇಕು ಎಂದು ವಿ. ಎಲ್. ನರಸಿಂಹಮೂರ್ತಿ ಹೇಳಿದರು. ಕರ್ನಾಟಕ ವಿದ್ಯಾವರ್ಧಕ ಸಂಘದ ಸಭಾಂಗಣದಲ್ಲಿ ಏರ್ಪಡಿಸಿದ್ದ ದತ್ತಿ ಉಪನ್ಯಾಸ ಕಾರ್ಯಕ್ರಮದಲ್ಲಿ ಮಾತನಾಡಿದ ಅವರು, ದಲಿತ ಸಮುದಾಯದ ಏಳಿಗೆಗಾಗಿ ಶ್ರಮಿಸಿದ ರಾಮಯ್ಯ ಅವರು ಸಾಮಾಜಿಕ ನ್ಯಾಯದ ಪರವಾಗಿ ಧ್ವನಿ ಎತ್ತಿದರು. ಶಿಕ್ಷಣವೇ ಬದಲಾವಣೆಯ ಮೂಲ ಎಂದು ನಂಬಿದ್ದ ಅವರು ಅನೇಕ ಶಿಕ್ಷಣ ಸಂಸ್ಥೆಗಳನ್ನು ಕಟ್ಟಿ ಬೆಳೆಸಿದರು. ಅವರ ಚಿಂತನೆಗಳನ್ನು ಇಂದಿನ ಯುವಕರು ಅಳವಡಿಸಿಕೊಳ್ಳಬೇಕು ಎಂದರು. ಸಂಘದ ಪದಾಧಿಕಾರಿಗಳು, ಸಾಹಿತಿಗಳು ಹಾಗೂ ಸಾಹಿತ್ಯಾಸಕ್ತರು ಕಾರ್ಯಕ್ರಮದಲ್ಲಿ ಭಾಗವಹಿಸಿದ್ದರು.
ಮೊದಲಿನ ಪುಟದಿಂದ...
ಭ್ರಷ್ಟರಿಗೆ ‘ಲೋಕಾ’ ಬಿಸಿ
ಬೆಂಗಳೂರು: ರಾಜ್ಯದ ವಿವಿಧೆಡೆ ಲೋಕಾಯುಕ್ತ ಅಧಿಕಾರಿಗಳು ದಾಳಿ ನಡೆಸಿ ಭ್ರಷ್ಟ ಅಧಿಕಾರಿಗಳ ಮನೆ ಹಾಗೂ ಕಚೇರಿಗಳಲ್ಲಿ ಶೋಧ ನಡೆಸಿದ್ದಾರೆ. ಬೆಳಗಿನ ಜಾವದಿಂದಲೇ ಕಾರ್ಯಾಚರಣೆ ಆರಂಭಿಸಿ ದಾಖಲೆಗಳನ್ನು ಪರಿಶೀಲಿಸಿದರು.
ಶಿವಾಜಿ ಜಾಧವ್. ಹೇಮಾ
ವಾಘಮಾರೆಗೆ ಧೀಮಂತ ಪ್ರಶಸ್ತಿ
ಅಮರಶಿವಾಜಿ ಪ್ರತಿಷ್ಠಾನದ ವತಿಯಿಂದ ನೀಡುವ ಧೀಮಂತ ಪ್ರಶಸ್ತಿಗೆ ಆಯ್ಕೆ ಮಾಡಲಾಗಿದೆ.
ಗ್ರಾಮೀಣ ಪ್ರದೇಶದ ವಿದ್ಯಾರ್ಥಿಗಳಿಗೆ ನೀಡುವ ಪ್ರೋತ್ಸಾಹ ಇನ್ನಷ್ಟು ಹೆಚ್ಚಾಗಬೇಕು. ಈ ನಿಟ್ಟಿನಲ್ಲಿ ಸಂಸ್ಥೆಗಳು ಮುಂದಾಗಬೇಕು ಎಂದು ಹೇಳಿದರು. ಕಾರ್ಯಕ್ರಮದಲ್ಲಿ ಅನೇಕ ಗಣ್ಯರು ಉಪಸ್ಥಿತರಿದ್ದರು.
ನಾಳೆ ಉಪಚುನಾವಣೆ ಮತದಾನ
ಬೆಂಗಳೂರು: ರಾಜ್ಯದ ಮೂರು ವಿಧಾನಸಭಾ ಕ್ಷೇತ್ರಗಳ ಉಪಚುನಾವಣೆಗೆ ನಾಳೆ ಮತದಾನ ನಡೆಯಲಿದ್ದು, ಚುನಾವಣಾ ಆಯೋಗ ಸಕಲ ಸಿದ್ಧತೆ ಮಾಡಿಕೊಂಡಿದೆ.
ಗುಣಾತ್ಮಕ ಶಿಕ್ಷಣಕ್ಕೆ ಶಿಕ್ಷಕರಲ್ಲಿ
ರಂಗಕಲೆಮತ್ತುಅಭಿನಯತರಬೇತಿ
ಅವಶ್ಯಕ:ಅಶೋಕುಮಾರಸಿಂಗಿ
ನಮ್ಮ ಸಂಸ್ಥೆ ಕಳೆದ 22 ವರ್ಷಗಳಿಂದ ಶಿಕ್ಷಕರಿಗೆ ರಂಗಕಲೆ ಮತ್ತು ಅಭಿನಯ ತರಬೇತಿ ನೀಡುತ್ತಿದೆ. ಗುಣಾತ್ಮಕ ಶಿಕ್ಷಣಕ್ಕೆ ಇದು ಸಹಕಾರಿ ಎಂದರು.
ಹುಬ್ಬಳ್ಳಿ: ವಿಶ್ವ ಮಧುಮೇಹ ದಿನದ ಅಂಗವಾಗಿ ನ.14 ರಂದು ಉಚಿತ ಮಧುಮೇಹ ತಪಾಸಣಾ ಶಿಬಿರ ಏರ್ಪಡಿಸಲಾಗಿದ್ದು, ಸಾರ್ವಜನಿಕರು ಇದರ ಸದುಪಯೋಗ ಪಡೆದುಕೊಳ್ಳಬೇಕು ಎಂದು ಕೋರಲಾಗಿದೆ.
ನ.14	ಉಚಿತ	ಮಧುಮೇಹ
ತಪಾಸಣಾ ಶಿಬಿರ
ಹುಬ್ಬಳ್ಳಿ: ವಿಶ್ವ ಮಧುಮೇಹ ದಿನದ ಅಂಗವಾಗಿ ನ.14 ರಂದು ಉಚಿತ ಮಧುಮೇಹ ತಪಾಸಣಾ ಶಿಬಿರ ಏರ್ಪಡಿಸಲಾಗಿದ್ದು, ಸಾರ್ವಜನಿಕರು ಇದರ ಸದುಪಯೋಗ ಪಡೆದುಕೊಳ್ಳಬೇಕು ಎಂದು ಕೋರಲಾಗಿದೆ.
ಪುರಸಭೆ ಕಾರ್ಯಾಲಯ ನವಲಗುಂದ–582208
(ಜಿಲ್ಲೆ: ಧಾರವಾಡ, ರಾಜ್ಯ: ಕರ್ನಾಟಕ)
ದೂರವಾಣಿ ಸಂಖ್ಯೆ: 08380–229247, ಫ್ಯಾಕ್ಸ್ ಸಂಖ್ಯೆ: 08380–229656
ಸಂಖ್ಯೆ: ಪುಸನ/ಸಿ.ಆ.ವಿ.ಸ/2024–25
ದಿನಾಂಕ: 06–11–2024
ಸಾರ್ವಜನಿಕ ಪ್ರಕಟಣೆ
ನವಲಗುಂದ ಪುರಸಭೆ ವ್ಯಾಪ್ತಿಯಲ್ಲಿ ಸಾರ್ವಜನಿಕರ ಮಾಹಿತಿಗಾಗಿ ಈ ಪ್ರಕಟಣೆ ಹೊರಡಿಸಲಾಗಿದೆ. ಆಕ್ಷೇಪಣೆಗಳು ಇದ್ದಲ್ಲಿ ನಿಗದಿತ ಅವಧಿಯೊಳಗಾಗಿ ಕಾರ್ಯಾಲಯಕ್ಕೆ ಸಲ್ಲಿಸಬಹುದು.
ಸಹಿ/– ಮುಖ್ಯಾಧಿಕಾರಿ ಪುರಸಭೆ ನವಲಗುಂದ
ಸಹಿ/– ಅಧ್ಯಕ್ಷರು ಪುರಸಭೆ ನವಲಗುಂದ
